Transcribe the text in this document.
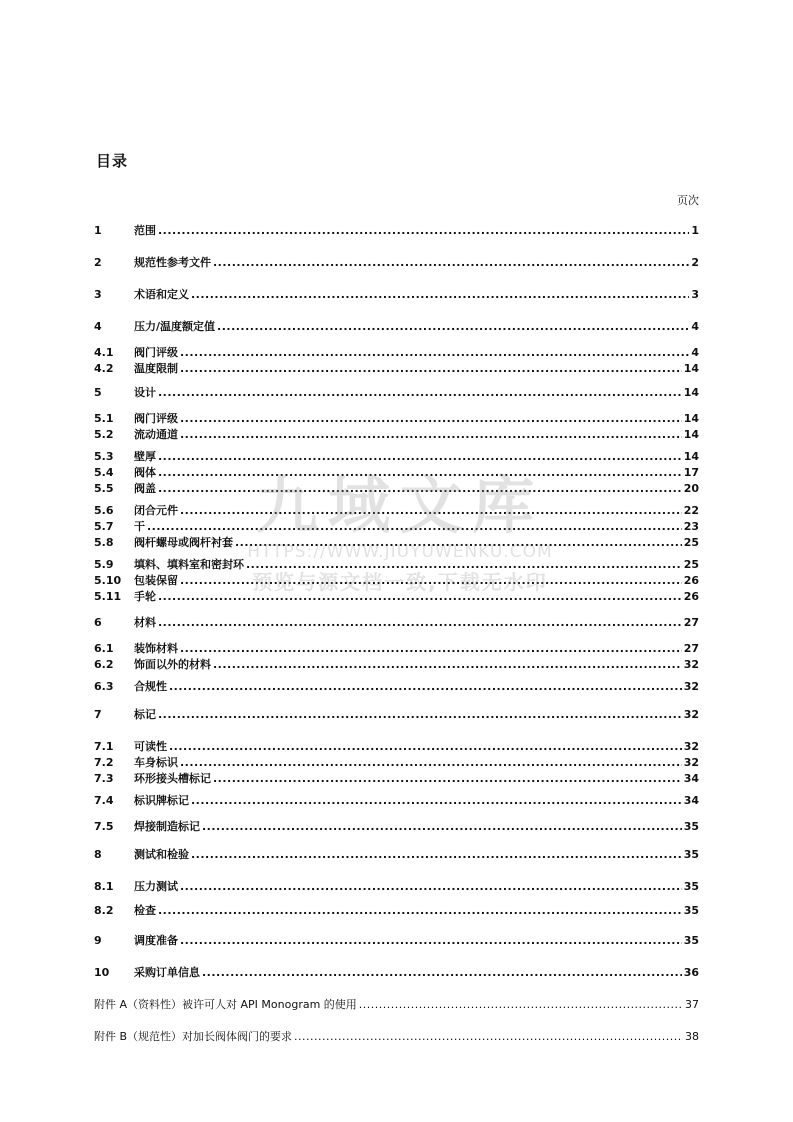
目录
页次
1	范围 .....	1
2	规范性参考文件 .....	2
3	术语和定义 .....	3
4	压力/温度额定值 .....	4
4.1	阀门评级 .....	4
4.2	温度限制 .....	14
5	设计 .....	14
5.1	阀门评级 .....	14
5.2	流动通道 .....	14
5.3	壁厚 .....	14
5.4	阀体 .....	17
5.5	阀盖 .....	20
5.6	闭合元件 .....	22
5.7	干 .....	23
5.8	阀杆螺母或阀杆衬套 .....	25
5.9	填料、填料室和密封环 .....	25
5.10	包装保留 .....	26
5.11	手轮 .....	26
6	材料 .....	27
6.1	装饰材料 .....	27
6.2	饰面以外的材料 .....	32
6.3	合规性 .....	32
7	标记 .....	32
7.1	可读性 .....	32
7.2	车身标识 .....	32
7.3	环形接头槽标记 .....	34
7.4	标识牌标记 .....	34
7.5	焊接制造标记 .....	35
8	测试和检验 .....	35
8.1	压力测试 .....	35
8.2	检查 .....	35
9	调度准备 .....	35
10	采购订单信息 .....	36
附件 A（资料性）被许可人对 API Monogram 的使用 .....	37
附件 B（规范性）对加长阀体阀门的要求 .....	38
九域文库
HTTPS://WWW.JIUYUWENKU.COM
预览与源文档一致,下载无水印
